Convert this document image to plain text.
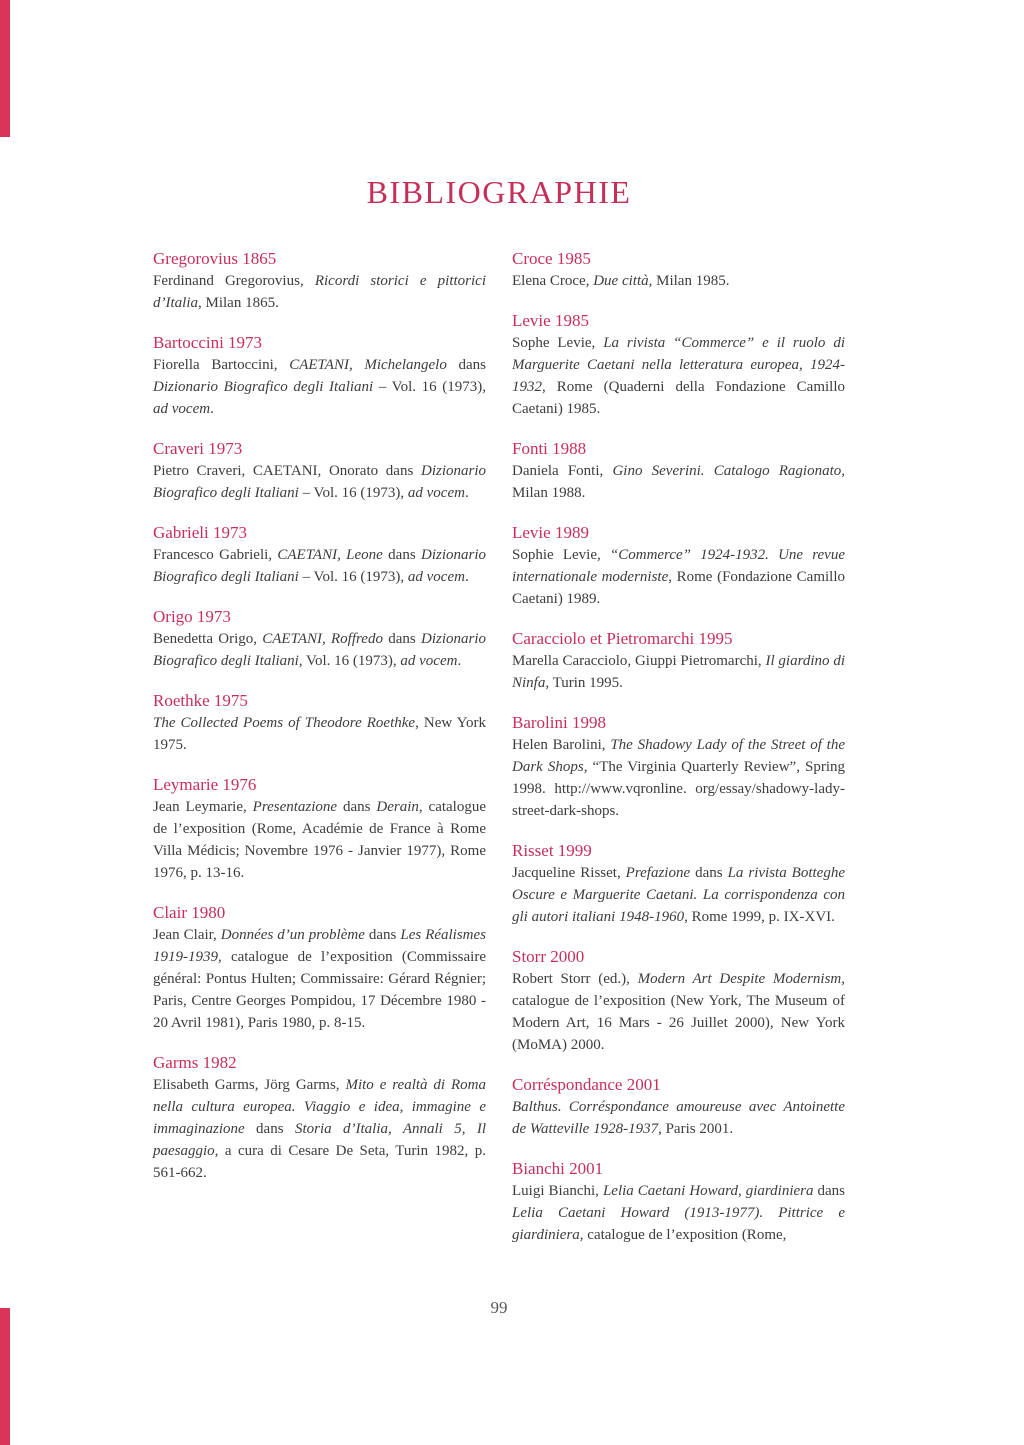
BIBLIOGRAPHIE
Gregorovius 1865

Ferdinand Gregorovius, Ricordi storici e pittorici d’Italia, Milan 1865.

Bartoccini 1973

Fiorella Bartoccini, CAETANI, Michelangelo dans Dizionario Biografico degli Italiani – Vol. 16 (1973), ad vocem.

Craveri 1973

Pietro Craveri, CAETANI, Onorato dans Dizionario Biografico degli Italiani – Vol. 16 (1973), ad vocem.

Gabrieli 1973

Francesco Gabrieli, CAETANI, Leone dans Dizionario Biografico degli Italiani – Vol. 16 (1973), ad vocem.

Origo 1973

Benedetta Origo, CAETANI, Roffredo dans Dizionario Biografico degli Italiani, Vol. 16 (1973), ad vocem.

Roethke 1975

The Collected Poems of Theodore Roethke, New York 1975.

Leymarie 1976

Jean Leymarie, Presentazione dans Derain, catalogue de l’exposition (Rome, Académie de France à Rome Villa Médicis; Novembre 1976 - Janvier 1977), Rome 1976, p. 13-16.

Clair 1980

Jean Clair, Données d’un problème dans Les Réalismes 1919-1939, catalogue de l’exposition (Commissaire général: Pontus Hulten; Commissaire: Gérard Régnier; Paris, Centre Georges Pompidou, 17 Décembre 1980 - 20 Avril 1981), Paris 1980, p. 8-15.

Garms 1982

Elisabeth Garms, Jörg Garms, Mito e realtà di Roma nella cultura europea. Viaggio e idea, immagine e immaginazione dans Storia d’Italia, Annali 5, Il paesaggio, a cura di Cesare De Seta, Turin 1982, p. 561-662.

Croce 1985

Elena Croce, Due città, Milan 1985.

Levie 1985

Sophe Levie, La rivista “Commerce” e il ruolo di Marguerite Caetani nella letteratura europea, 1924-1932, Rome (Quaderni della Fondazione Camillo Caetani) 1985.

Fonti 1988

Daniela Fonti, Gino Severini. Catalogo Ragionato, Milan 1988.

Levie 1989

Sophie Levie, “Commerce” 1924-1932. Une revue internationale moderniste, Rome (Fondazione Camillo Caetani) 1989.

Caracciolo et Pietromarchi 1995

Marella Caracciolo, Giuppi Pietromarchi, Il giardino di Ninfa, Turin 1995.

Barolini 1998

Helen Barolini, The Shadowy Lady of the Street of the Dark Shops, “The Virginia Quarterly Review”, Spring 1998. http://www.vqronline. org/essay/shadowy-lady-street-dark-shops.

Risset 1999

Jacqueline Risset, Prefazione dans La rivista Botteghe Oscure e Marguerite Caetani. La corrispondenza con gli autori italiani 1948-1960, Rome 1999, p. IX-XVI.

Storr 2000

Robert Storr (ed.), Modern Art Despite Modernism, catalogue de l’exposition (New York, The Museum of Modern Art, 16 Mars - 26 Juillet 2000), New York (MoMA) 2000.

Corréspondance 2001

Balthus. Corréspondance amoureuse avec Antoinette de Watteville 1928-1937, Paris 2001.

Bianchi 2001

Luigi Bianchi, Lelia Caetani Howard, giardiniera dans Lelia Caetani Howard (1913-1977). Pittrice e giardiniera, catalogue de l’exposition (Rome,

99
